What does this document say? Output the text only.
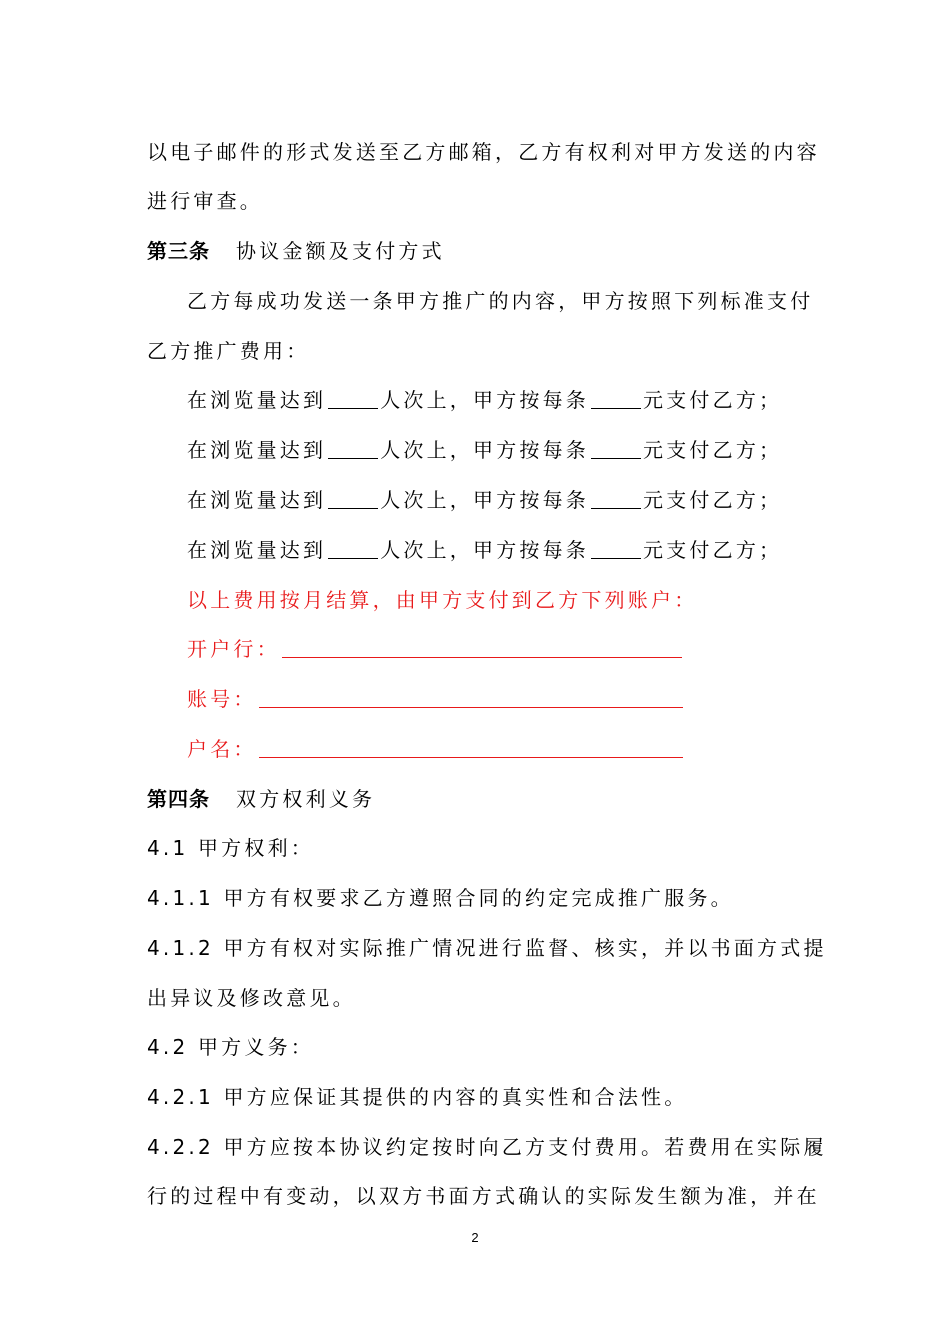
以电子邮件的形式发送至乙方邮箱，乙方有权利对甲方发送的内容
进行审查。
第三条 协议金额及支付方式
乙方每成功发送一条甲方推广的内容，甲方按照下列标准支付
乙方推广费用：
在浏览量达到	人次上，甲方按每条	元支付乙方；
在浏览量达到	人次上，甲方按每条	元支付乙方；
在浏览量达到	人次上，甲方按每条	元支付乙方；
在浏览量达到	人次上，甲方按每条	元支付乙方；
以上费用按月结算，由甲方支付到乙方下列账户：
开户行：
账号：
户名：
第四条 双方权利义务
4.1 甲方权利：
4.1.1 甲方有权要求乙方遵照合同的约定完成推广服务。
4.1.2 甲方有权对实际推广情况进行监督、核实，并以书面方式提
出异议及修改意见。
4.2 甲方义务：
4.2.1 甲方应保证其提供的内容的真实性和合法性。
4.2.2 甲方应按本协议约定按时向乙方支付费用。若费用在实际履
行的过程中有变动，以双方书面方式确认的实际发生额为准，并在
2
